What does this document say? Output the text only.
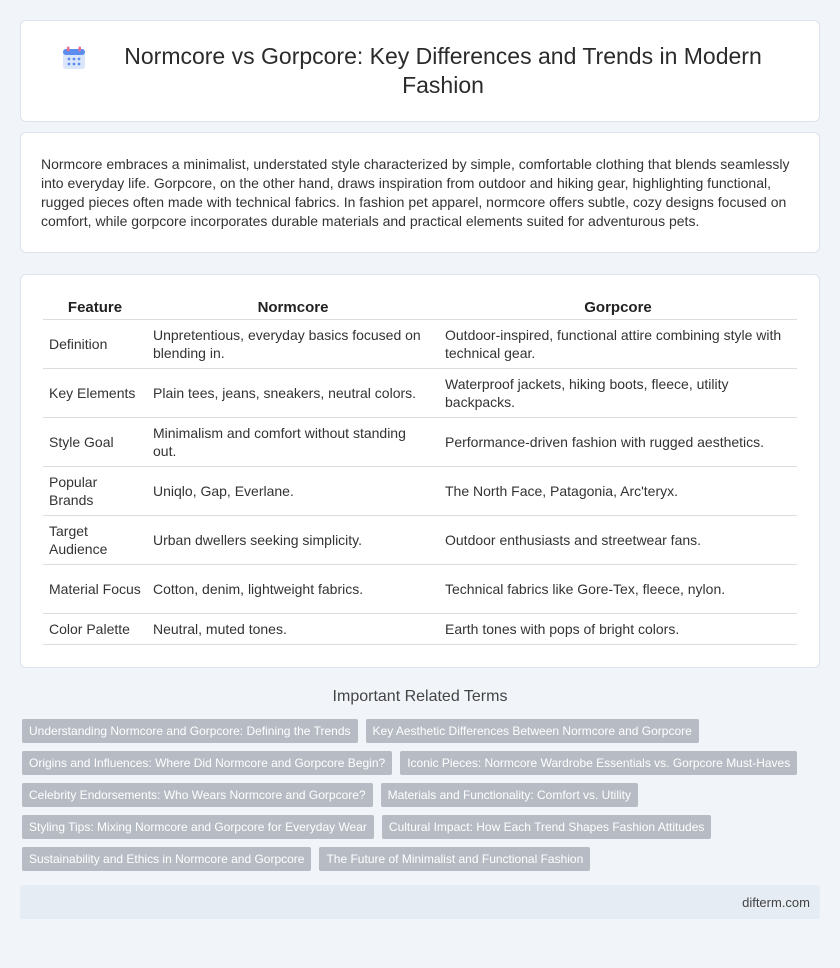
Normcore vs Gorpcore: Key Differences and Trends in Modern Fashion

Normcore embraces a minimalist, understated style characterized by simple, comfortable clothing that blends seamlessly into everyday life. Gorpcore, on the other hand, draws inspiration from outdoor and hiking gear, highlighting functional, rugged pieces often made with technical fabrics. In fashion pet apparel, normcore offers subtle, cozy designs focused on comfort, while gorpcore incorporates durable materials and practical elements suited for adventurous pets.

Feature	Normcore	Gorpcore
Definition	Unpretentious, everyday basics focused on blending in.	Outdoor-inspired, functional attire combining style with technical gear.
Key Elements	Plain tees, jeans, sneakers, neutral colors.	Waterproof jackets, hiking boots, fleece, utility backpacks.
Style Goal	Minimalism and comfort without standing out.	Performance-driven fashion with rugged aesthetics.
Popular Brands	Uniqlo, Gap, Everlane.	The North Face, Patagonia, Arc'teryx.
Target Audience	Urban dwellers seeking simplicity.	Outdoor enthusiasts and streetwear fans.
Material Focus	Cotton, denim, lightweight fabrics.	Technical fabrics like Gore-Tex, fleece, nylon.
Color Palette	Neutral, muted tones.	Earth tones with pops of bright colors.
Important Related Terms
Understanding Normcore and Gorpcore: Defining the Trends	Key Aesthetic Differences Between Normcore and Gorpcore
Origins and Influences: Where Did Normcore and Gorpcore Begin?	Iconic Pieces: Normcore Wardrobe Essentials vs. Gorpcore Must-Haves
Celebrity Endorsements: Who Wears Normcore and Gorpcore?	Materials and Functionality: Comfort vs. Utility
Styling Tips: Mixing Normcore and Gorpcore for Everyday Wear	Cultural Impact: How Each Trend Shapes Fashion Attitudes
Sustainability and Ethics in Normcore and Gorpcore	The Future of Minimalist and Functional Fashion
difterm.com
